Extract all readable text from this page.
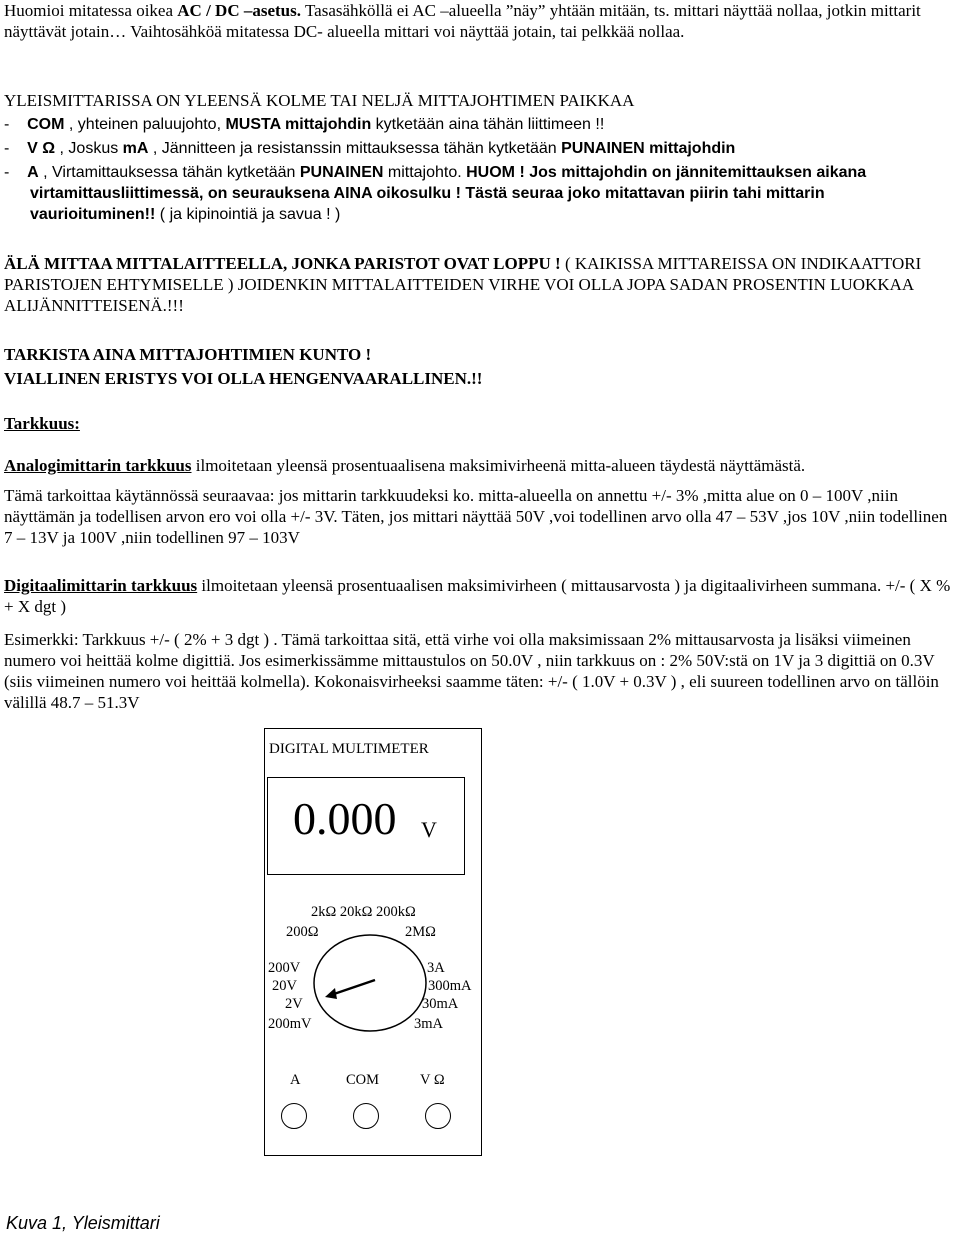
Huomioi mitatessa oikea AC / DC –asetus. Tasasähköllä ei AC –alueella ”näy” yhtään mitään, ts. mittari näyttää nollaa, jotkin mittarit näyttävät jotain… Vaihtosähköä mitatessa DC- alueella mittari voi näyttää jotain, tai pelkkää nollaa.

YLEISMITTARISSA ON YLEENSÄ KOLME TAI NELJÄ MITTAJOHTIMEN PAIKKAA

-    COM , yhteinen paluujohto, MUSTA mittajohdin kytketään aina tähän liittimeen !!

-    V Ω , Joskus mA , Jännitteen ja resistanssin mittauksessa tähän kytketään PUNAINEN mittajohdin

-    A , Virtamittauksessa tähän kytketään PUNAINEN mittajohto. HUOM ! Jos mittajohdin on jännitemittauksen aikana virtamittausliittimessä, on seurauksena AINA oikosulku ! Tästä seuraa joko mitattavan piirin tahi mittarin vaurioituminen!! ( ja kipinointiä ja savua ! )

ÄLÄ MITTAA MITTALAITTEELLA, JONKA PARISTOT OVAT LOPPU ! ( KAIKISSA MITTAREISSA ON INDIKAATTORI PARISTOJEN EHTYMISELLE ) JOIDENKIN MITTALAITTEIDEN VIRHE VOI OLLA JOPA SADAN PROSENTIN LUOKKAA ALIJÄNNITTEISENÄ.!!!

TARKISTA AINA MITTAJOHTIMIEN KUNTO !

VIALLINEN ERISTYS VOI OLLA HENGENVAARALLINEN.!!

Tarkkuus:

Analogimittarin tarkkuus ilmoitetaan yleensä prosentuaalisena maksimivirheenä mitta-alueen täydestä näyttämästä.

Tämä tarkoittaa käytännössä seuraavaa: jos mittarin tarkkuudeksi ko. mitta-alueella on annettu +/- 3% ,mitta alue on 0 – 100V ,niin näyttämän ja todellisen arvon ero voi olla +/- 3V. Täten, jos mittari näyttää 50V ,voi todellinen arvo olla 47 – 53V ,jos 10V ,niin todellinen 7 – 13V ja 100V ,niin todellinen 97 – 103V

Digitaalimittarin tarkkuus ilmoitetaan yleensä prosentuaalisen maksimivirheen ( mittausarvosta ) ja digitaalivirheen summana. +/- ( X % + X dgt )

Esimerkki: Tarkkuus +/- ( 2% + 3 dgt ) . Tämä tarkoittaa sitä, että virhe voi olla maksimissaan 2% mittausarvosta ja lisäksi viimeinen numero voi heittää kolme digittiä. Jos esimerkissämme mittaustulos on 50.0V , niin tarkkuus on : 2% 50V:stä on 1V ja 3 digittiä on 0.3V (siis viimeinen numero voi heittää kolmella). Kokonaisvirheeksi saamme täten: +/- ( 1.0V + 0.3V ) , eli suureen todellinen arvo on tällöin välillä 48.7 – 51.3V

DIGITAL MULTIMETER
0.000 V
2kΩ 20kΩ 200kΩ
200Ω	2MΩ
200V
20V
2V
200mV
3A
300mA
30mA
3mA
A	COM	V Ω
Kuva 1, Yleismittari
